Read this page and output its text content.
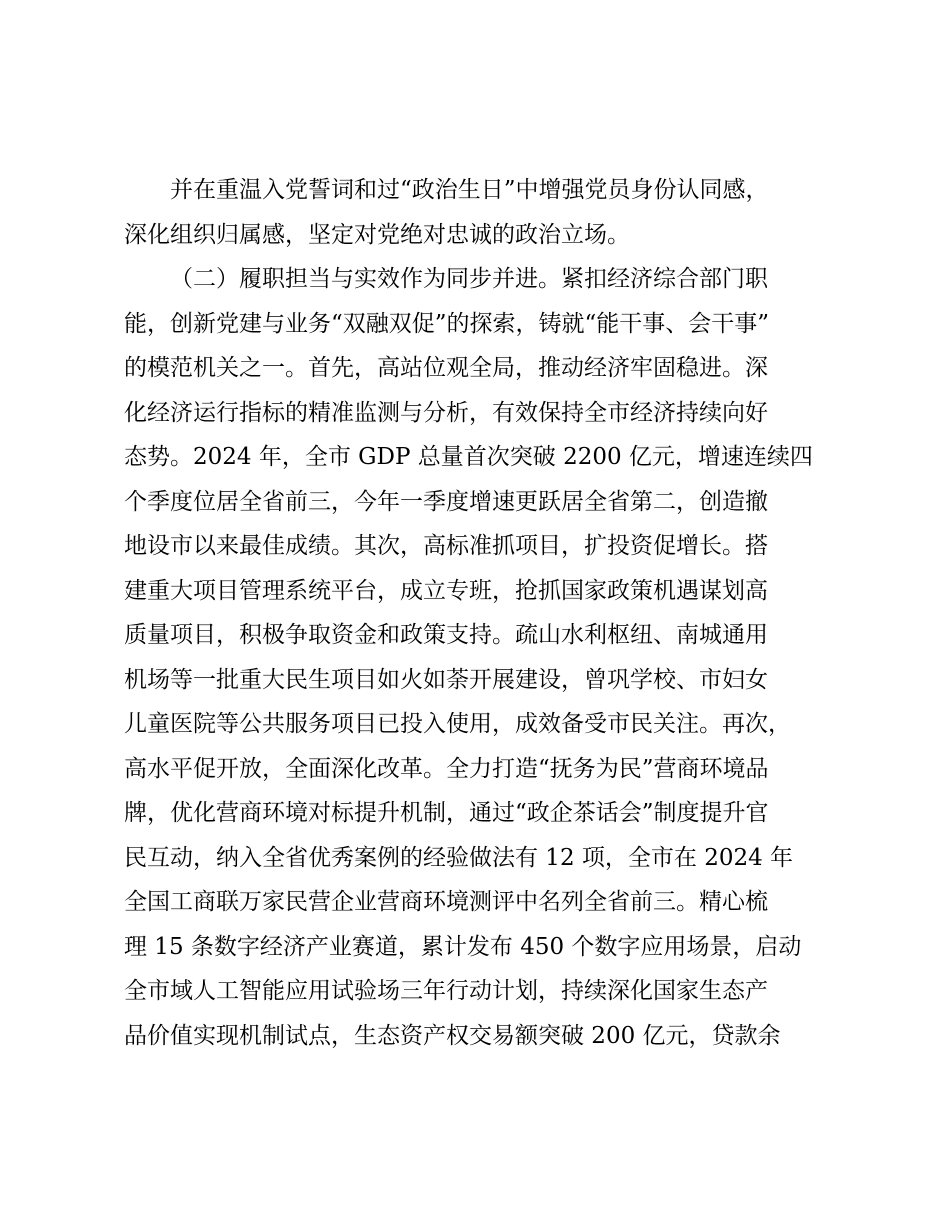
并在重温入党誓词和过“政治生日”中增强党员身份认同感，
深化组织归属感，坚定对党绝对忠诚的政治立场。
（二）履职担当与实效作为同步并进。紧扣经济综合部门职
能，创新党建与业务“双融双促”的探索，铸就“能干事、会干事”
的模范机关之一。首先，高站位观全局，推动经济牢固稳进。深
化经济运行指标的精准监测与分析，有效保持全市经济持续向好
态势。2024 年，全市 GDP 总量首次突破 2200 亿元，增速连续四
个季度位居全省前三，今年一季度增速更跃居全省第二，创造撤
地设市以来最佳成绩。其次，高标准抓项目，扩投资促增长。搭
建重大项目管理系统平台，成立专班，抢抓国家政策机遇谋划高
质量项目，积极争取资金和政策支持。疏山水利枢纽、南城通用
机场等一批重大民生项目如火如荼开展建设，曾巩学校、市妇女
儿童医院等公共服务项目已投入使用，成效备受市民关注。再次，
高水平促开放，全面深化改革。全力打造“抚务为民”营商环境品
牌，优化营商环境对标提升机制，通过“政企茶话会”制度提升官
民互动，纳入全省优秀案例的经验做法有 12 项，全市在 2024 年
全国工商联万家民营企业营商环境测评中名列全省前三。精心梳
理 15 条数字经济产业赛道，累计发布 450 个数字应用场景，启动
全市域人工智能应用试验场三年行动计划，持续深化国家生态产
品价值实现机制试点，生态资产权交易额突破 200 亿元，贷款余
